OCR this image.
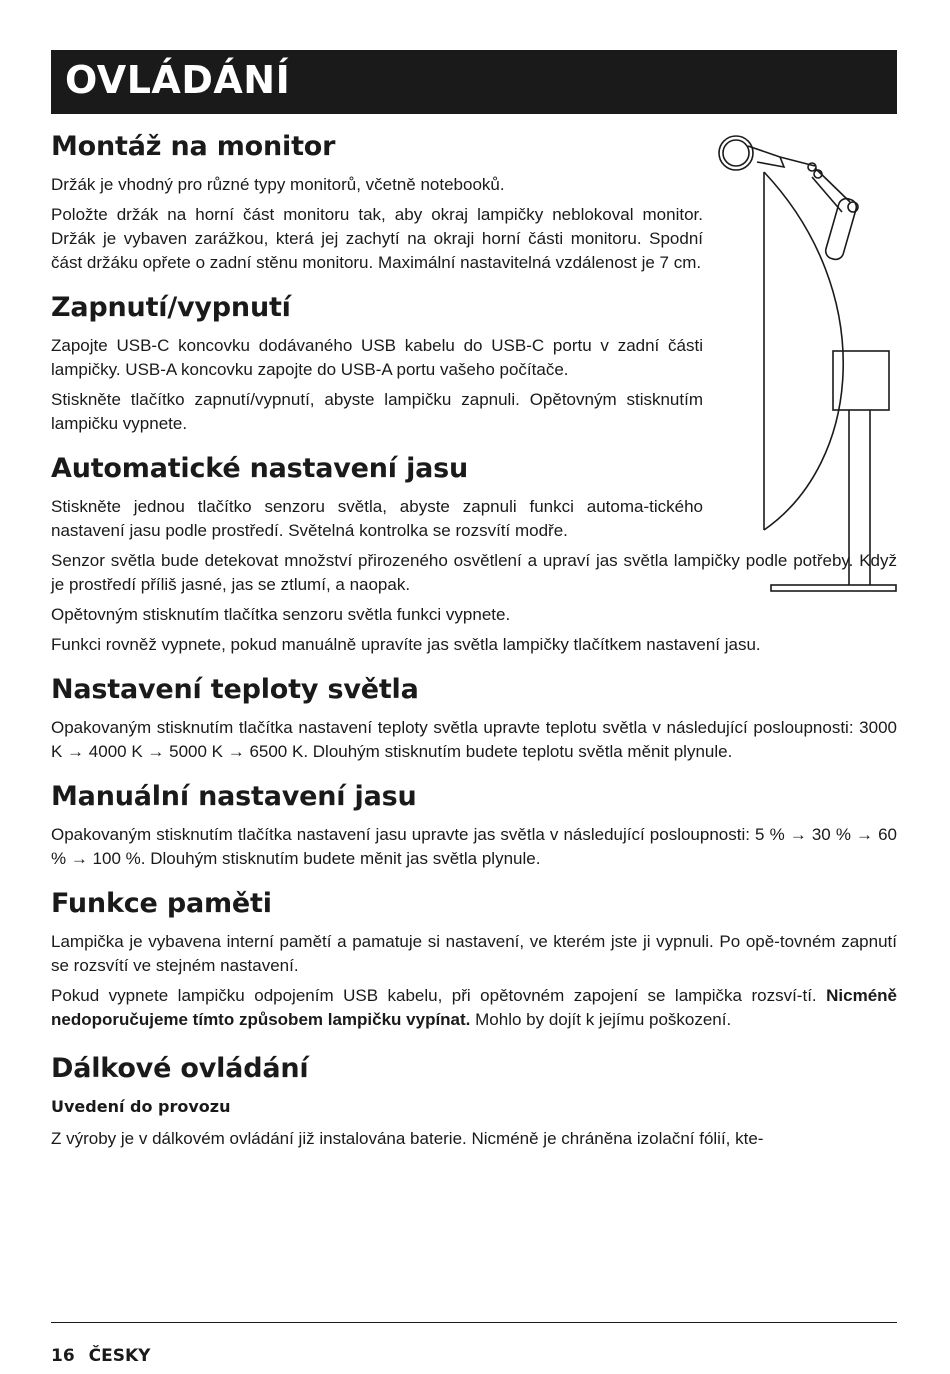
OVLÁDÁNÍ
Montáž na monitor

Držák je vhodný pro různé typy monitorů, včetně notebooků.

Položte držák na horní část monitoru tak, aby okraj lampičky neblokoval monitor. Držák je vybaven zarážkou, která jej zachytí na okraji horní části monitoru. Spodní část držáku opřete o zadní stěnu monitoru. Maximální nastavitelná vzdálenost je 7 cm.

Zapnutí/vypnutí

Zapojte USB-C koncovku dodávaného USB kabelu do USB-C portu v zadní části lampičky. USB-A koncovku zapojte do USB-A portu vašeho počítače.

Stiskněte tlačítko zapnutí/vypnutí, abyste lampičku zapnuli. Opětovným stisknutím lampičku vypnete.

Automatické nastavení jasu

Stiskněte jednou tlačítko senzoru světla, abyste zapnuli funkci automa-tického nastavení jasu podle prostředí. Světelná kontrolka se rozsvítí modře.

Senzor světla bude detekovat množství přirozeného osvětlení a upraví jas světla lampičky podle potřeby. Když je prostředí příliš jasné, jas se ztlumí, a naopak.

Opětovným stisknutím tlačítka senzoru světla funkci vypnete.

Funkci rovněž vypnete, pokud manuálně upravíte jas světla lampičky tlačítkem nastavení jasu.

Nastavení teploty světla

Opakovaným stisknutím tlačítka nastavení teploty světla upravte teplotu světla v následující posloupnosti: 3000 K → 4000 K → 5000 K → 6500 K. Dlouhým stisknutím budete teplotu světla měnit plynule.

Manuální nastavení jasu

Opakovaným stisknutím tlačítka nastavení jasu upravte jas světla v následující posloupnosti: 5 % → 30 % → 60 % → 100 %. Dlouhým stisknutím budete měnit jas světla plynule.

Funkce paměti

Lampička je vybavena interní pamětí a pamatuje si nastavení, ve kterém jste ji vypnuli. Po opě-tovném zapnutí se rozsvítí ve stejném nastavení.

Pokud vypnete lampičku odpojením USB kabelu, při opětovném zapojení se lampička rozsví-tí. Nicméně nedoporučujeme tímto způsobem lampičku vypínat. Mohlo by dojít k jejímu poškození.

Dálkové ovládání
Uvedení do provozu

Z výroby je v dálkovém ovládání již instalována baterie. Nicméně je chráněna izolační fólií, kte-

16 ČESKY
